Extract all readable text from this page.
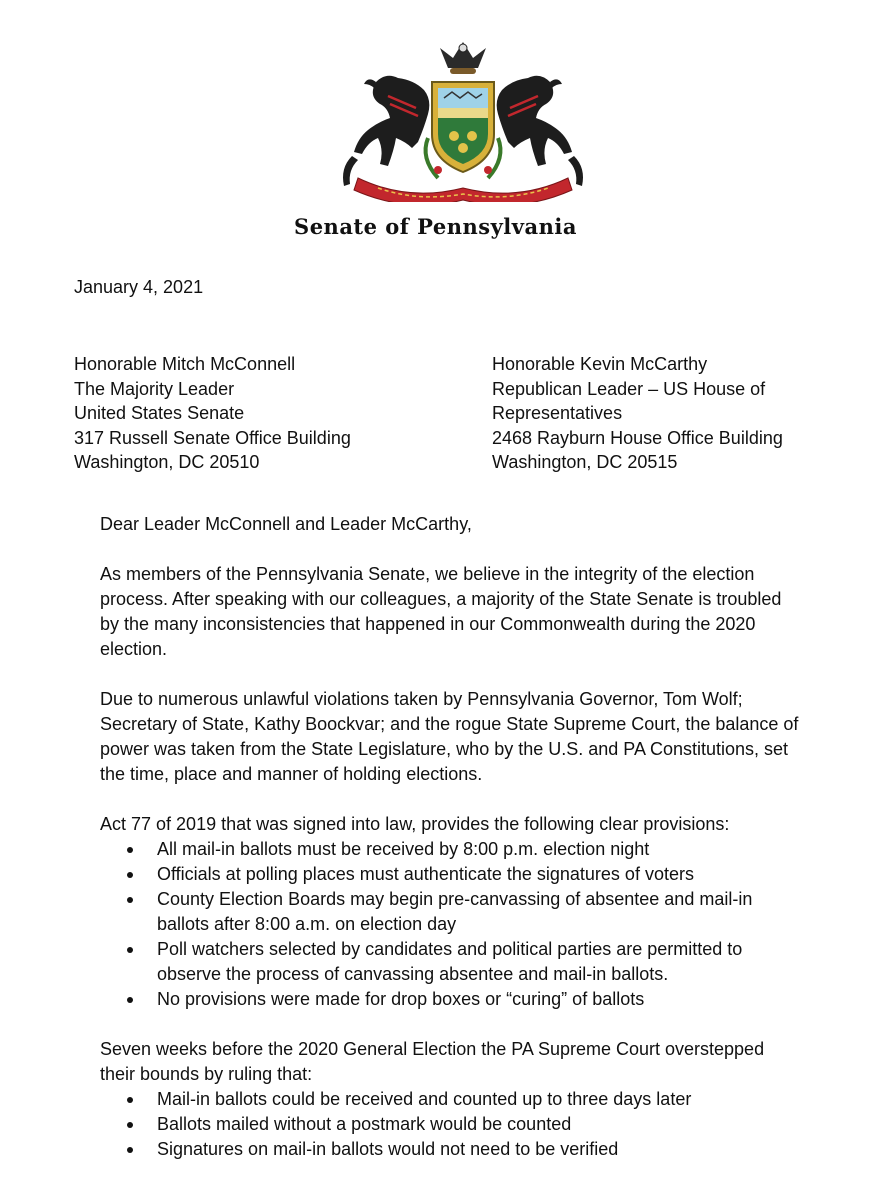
Senate of Pennsylvania
January 4, 2021
Honorable Mitch McConnell
The Majority Leader
United States Senate
317 Russell Senate Office Building
Washington, DC 20510
Honorable Kevin McCarthy
Republican Leader – US House of
Representatives
2468 Rayburn House Office Building
Washington, DC 20515

Dear Leader McConnell and Leader McCarthy,

As members of the Pennsylvania Senate, we believe in the integrity of the election process. After speaking with our colleagues, a majority of the State Senate is troubled by the many inconsistencies that happened in our Commonwealth during the 2020 election.

Due to numerous unlawful violations taken by Pennsylvania Governor, Tom Wolf; Secretary of State, Kathy Boockvar; and the rogue State Supreme Court, the balance of power was taken from the State Legislature, who by the U.S. and PA Constitutions, set the time, place and manner of holding elections.

Act 77 of 2019 that was signed into law, provides the following clear provisions:

All mail-in ballots must be received by 8:00 p.m. election night
Officials at polling places must authenticate the signatures of voters
County Election Boards may begin pre-canvassing of absentee and mail-in ballots after 8:00 a.m. on election day
Poll watchers selected by candidates and political parties are permitted to observe the process of canvassing absentee and mail-in ballots.
No provisions were made for drop boxes or “curing” of ballots

Seven weeks before the 2020 General Election the PA Supreme Court overstepped their bounds by ruling that:

Mail-in ballots could be received and counted up to three days later
Ballots mailed without a postmark would be counted
Signatures on mail-in ballots would not need to be verified
